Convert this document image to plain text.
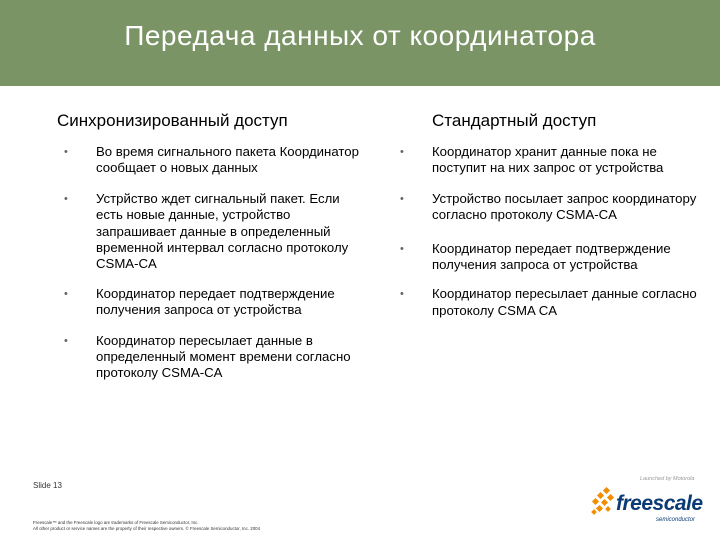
Передача данных от координатора
Синхронизированный доступ	Стандартный доступ
• Во время сигнального пакета Координатор сообщает о новых данных
• Устрйство ждет сигнальный пакет. Если есть новые данные, устройство запрашивает данные в определенный временной интервал согласно протоколу CSMA-CA
• Координатор передает подтверждение получения запроса от устройства
• Координатор пересылает данные в определенный момент времени согласно протоколу CSMA-CA
• Координатор хранит данные пока не поступит на них запрос от устройства
• Устройство посылает запрос координатору согласно протоколу CSMA-CA
• Координатор передает подтверждение получения запроса от устройства
• Координатор пересылает данные согласно протоколу CSMA CA
Slide 13
Freescale™ and the Freescale logo are trademarks of Freescale Semiconductor, Inc.
All other product or service names are the property of their respective owners. © Freescale Semiconductor, Inc. 2004
Launched by Motorola
freescale
semiconductor
